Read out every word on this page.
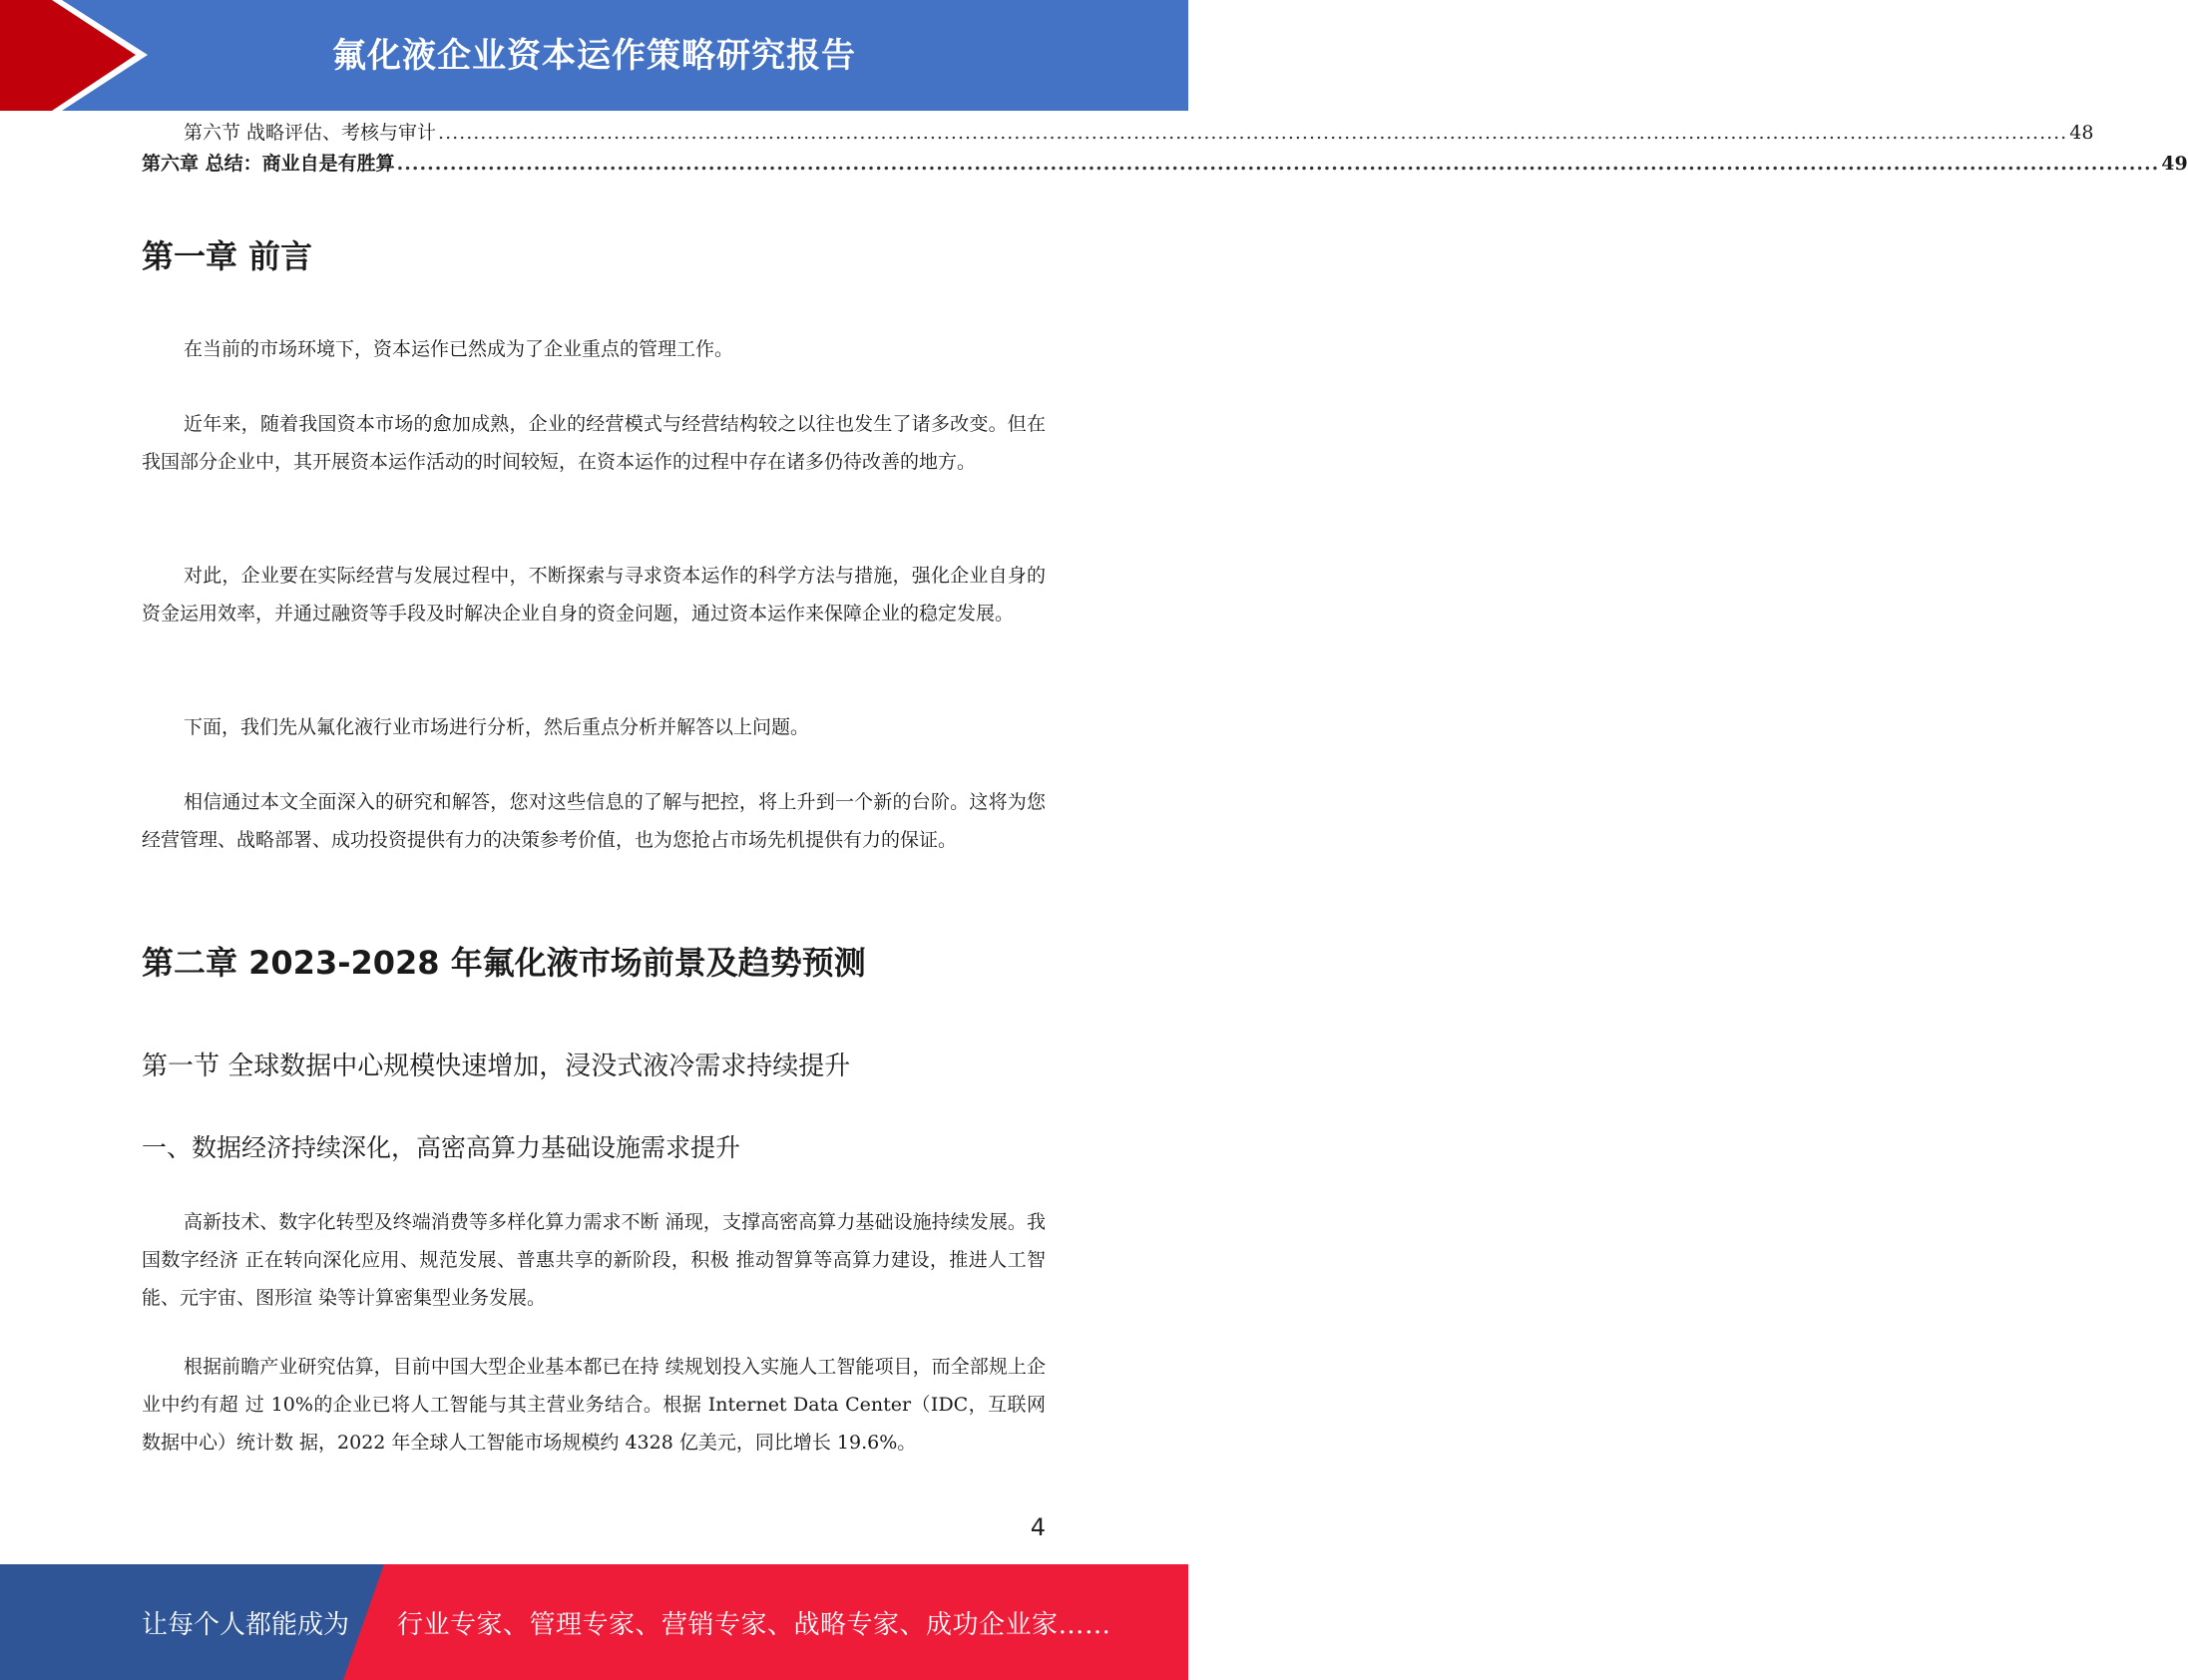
氟化液企业资本运作策略研究报告
第六节 战略评估、考核与审计 ........................................................................................................................................................................................................................................ 48
第六章 总结：商业自是有胜算 ........................................................................................................................................................................................................................................ 49
第一章 前言

在当前的市场环境下，资本运作已然成为了企业重点的管理工作。

近年来，随着我国资本市场的愈加成熟，企业的经营模式与经营结构较之以往也发生了诸多改变。但在我国部分企业中，其开展资本运作活动的时间较短，在资本运作的过程中存在诸多仍待改善的地方。

对此，企业要在实际经营与发展过程中，不断探索与寻求资本运作的科学方法与措施，强化企业自身的资金运用效率，并通过融资等手段及时解决企业自身的资金问题，通过资本运作来保障企业的稳定发展。

下面，我们先从氟化液行业市场进行分析，然后重点分析并解答以上问题。

相信通过本文全面深入的研究和解答，您对这些信息的了解与把控，将上升到一个新的台阶。这将为您经营管理、战略部署、成功投资提供有力的决策参考价值，也为您抢占市场先机提供有力的保证。

第二章 2023-2028 年氟化液市场前景及趋势预测
第一节 全球数据中心规模快速增加，浸没式液冷需求持续提升
一、数据经济持续深化，高密高算力基础设施需求提升

高新技术、数字化转型及终端消费等多样化算力需求不断 涌现，支撑高密高算力基础设施持续发展。我国数字经济 正在转向深化应用、规范发展、普惠共享的新阶段，积极 推动智算等高算力建设，推进人工智能、元宇宙、图形渲 染等计算密集型业务发展。

根据前瞻产业研究估算，目前中国大型企业基本都已在持 续规划投入实施人工智能项目，而全部规上企业中约有超 过 10%的企业已将人工智能与其主营业务结合。根据 Internet Data Center（IDC，互联网数据中心）统计数 据，2022 年全球人工智能市场规模约 4328 亿美元，同比增长 19.6%。

4
让每个人都能成为 行业专家、管理专家、营销专家、战略专家、成功企业家……
